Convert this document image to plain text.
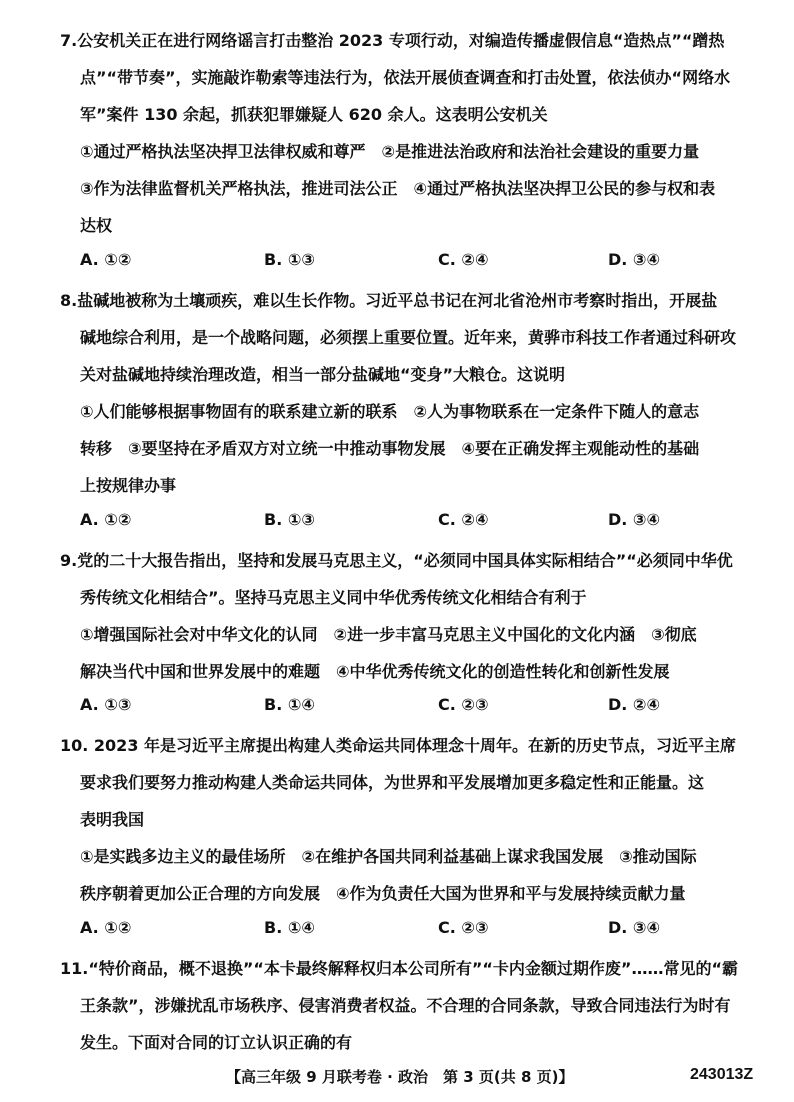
7.公安机关正在进行网络谣言打击整治 2023 专项行动，对编造传播虚假信息“造热点”“蹭热
点”“带节奏”，实施敲诈勒索等违法行为，依法开展侦查调查和打击处置，依法侦办“网络水
军”案件 130 余起，抓获犯罪嫌疑人 620 余人。这表明公安机关
①通过严格执法坚决捍卫法律权威和尊严　②是推进法治政府和法治社会建设的重要力量
③作为法律监督机关严格执法，推进司法公正　④通过严格执法坚决捍卫公民的参与权和表
达权
A. ①②	B. ①③	C. ②④	D. ③④
8.盐碱地被称为土壤顽疾，难以生长作物。习近平总书记在河北省沧州市考察时指出，开展盐
碱地综合利用，是一个战略问题，必须摆上重要位置。近年来，黄骅市科技工作者通过科研攻
关对盐碱地持续治理改造，相当一部分盐碱地“变身”大粮仓。这说明
①人们能够根据事物固有的联系建立新的联系　②人为事物联系在一定条件下随人的意志
转移　③要坚持在矛盾双方对立统一中推动事物发展　④要在正确发挥主观能动性的基础
上按规律办事
A. ①②	B. ①③	C. ②④	D. ③④
9.党的二十大报告指出，坚持和发展马克思主义，“必须同中国具体实际相结合”“必须同中华优
秀传统文化相结合”。坚持马克思主义同中华优秀传统文化相结合有利于
①增强国际社会对中华文化的认同　②进一步丰富马克思主义中国化的文化内涵　③彻底
解决当代中国和世界发展中的难题　④中华优秀传统文化的创造性转化和创新性发展
A. ①③	B. ①④	C. ②③	D. ②④
10. 2023 年是习近平主席提出构建人类命运共同体理念十周年。在新的历史节点，习近平主席
要求我们要努力推动构建人类命运共同体，为世界和平发展增加更多稳定性和正能量。这
表明我国
①是实践多边主义的最佳场所　②在维护各国共同利益基础上谋求我国发展　③推动国际
秩序朝着更加公正合理的方向发展　④作为负责任大国为世界和平与发展持续贡献力量
A. ①②	B. ①④	C. ②③	D. ③④
11.“特价商品，概不退换”“本卡最终解释权归本公司所有”“卡内金额过期作废”……常见的“霸
王条款”，涉嫌扰乱市场秩序、侵害消费者权益。不合理的合同条款，导致合同违法行为时有
发生。下面对合同的订立认识正确的有
【高三年级 9 月联考卷 · 政治　第 3 页(共 8 页)】	243013Z
